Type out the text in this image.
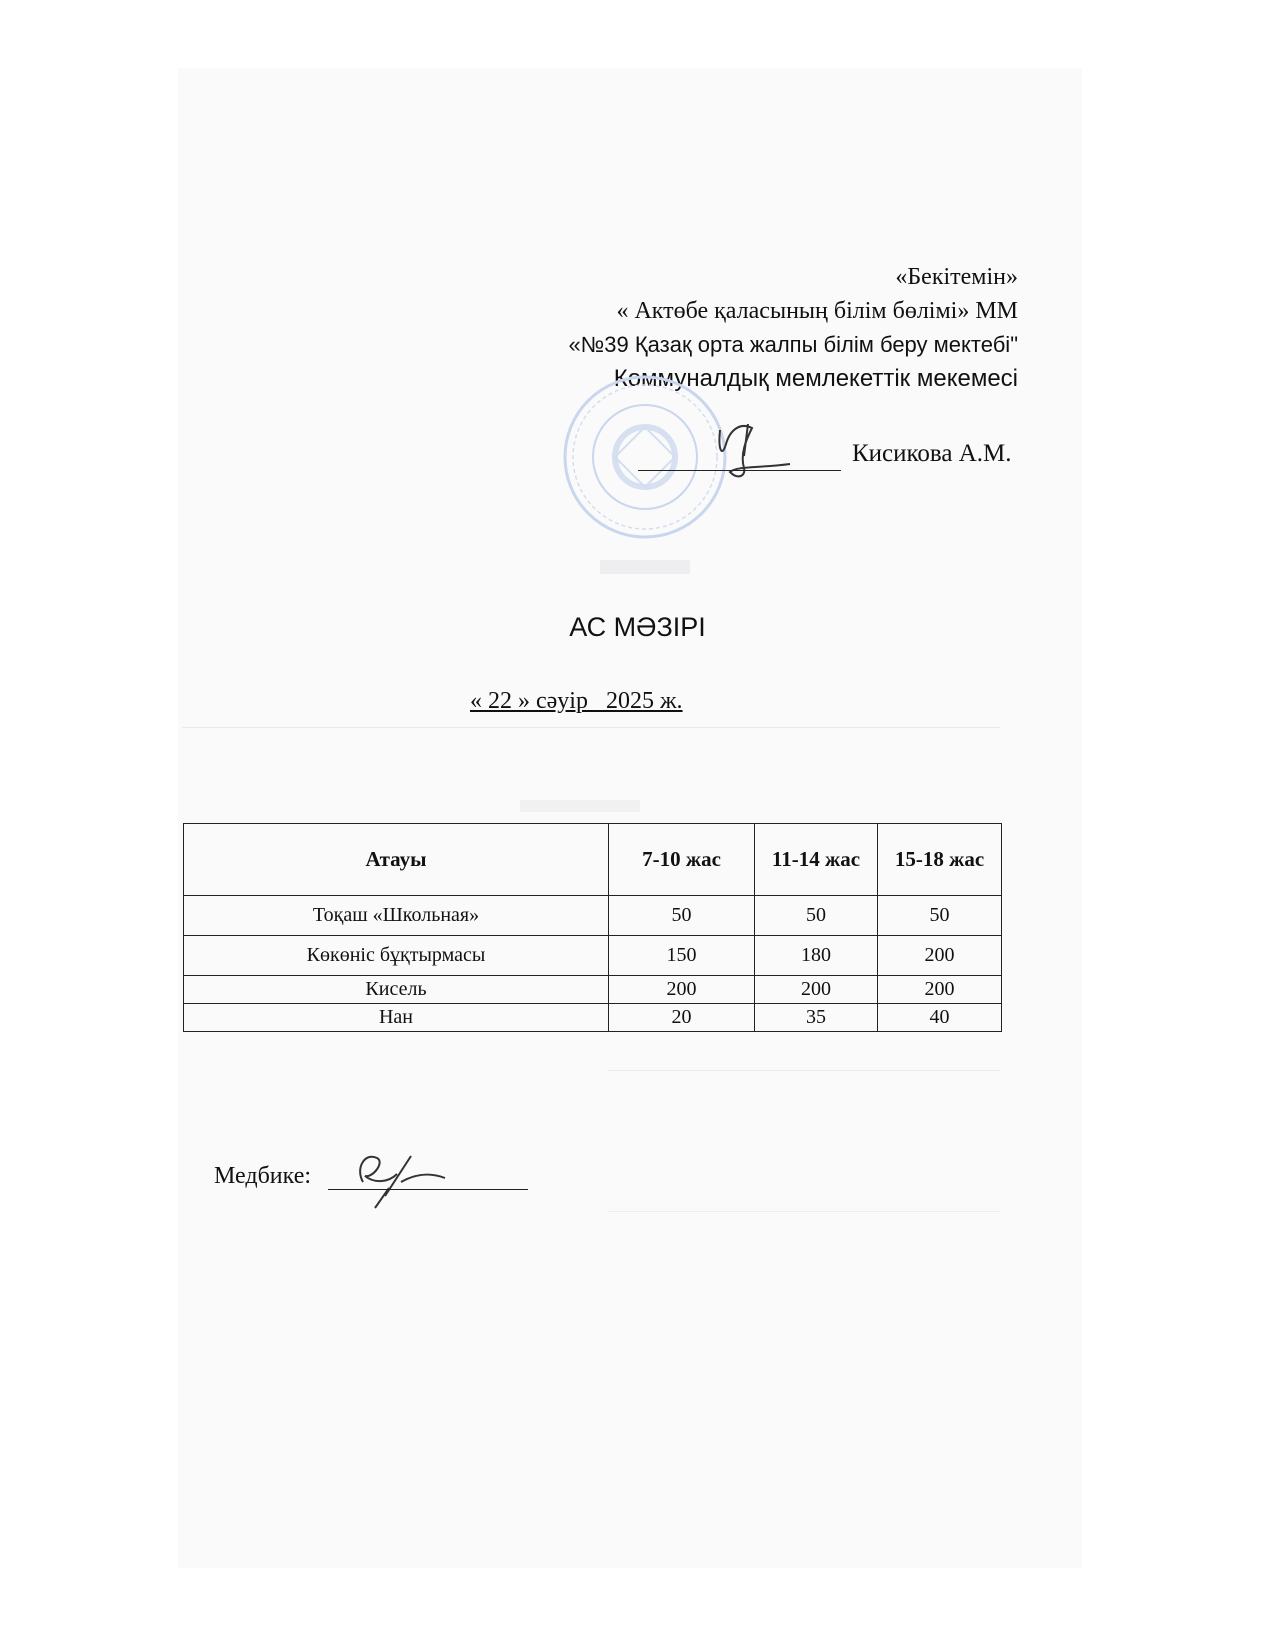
«Бекітемін»
« Актөбе қаласының білім бөлімі» ММ
«№39 Қазақ орта жалпы білім беру мектебі"
Коммуналдық мемлекеттік мекемесі
Кисикова А.М.
АС МӘЗІРІ
« 22 » сәуір   2025 ж.
Атауы	7-10 жас	11-14 жас	15-18 жас
Тоқаш «Школьная»	50	50	50
Көкөніс бұқтырмасы	150	180	200
Кисель	200	200	200
Нан	20	35	40
Медбике:
